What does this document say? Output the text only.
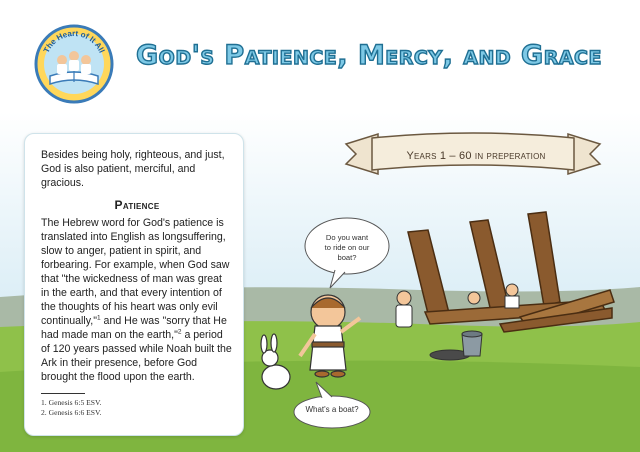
The Heart of It All God's Patience, Mercy, and Grace
Years 1 – 60 in preperation
Do you want
to ride on our
boat?
What's a boat?

Besides being holy, righteous, and just, God is also patient, merciful, and gracious.

Patience

The Hebrew word for God's patience is translated into English as longsuffering, slow to anger, patient in spirit, and forbearing. For example, when God saw that "the wickedness of man was great in the earth, and that every intention of the thoughts of his heart was only evil continually,"$^1$ and He was "sorry that He had made man on the earth,"$^2$ a period of 120 years passed while Noah built the Ark in their presence, before God brought the flood upon the earth.

1. Genesis 6:5 ESV.
2. Genesis 6:6 ESV.
